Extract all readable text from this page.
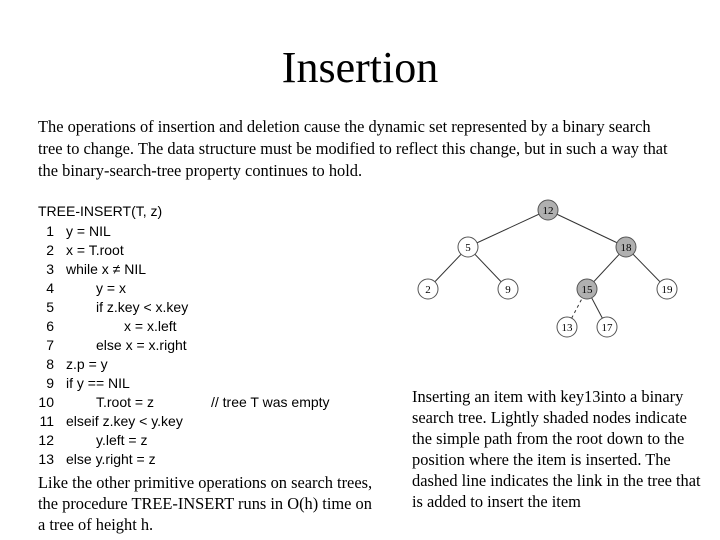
Insertion
The operations of insertion and deletion cause the dynamic set represented by a binary search tree to change. The data structure must be modified to reflect this change, but in such a way that the binary-search-tree property continues to hold.
TREE-INSERT(T, z)
1 y = NIL
2 x = T.root
3 while x ≠ NIL
4	y = x
5	if z.key < x.key
6	x = x.left
7	else x = x.right
8 z.p = y
9 if y == NIL
10	T.root = z	// tree T was empty
11 elseif z.key < y.key
12	y.left = z
13 else y.right = z
12
5	18
2	9	15	19
13	17
Inserting an item with key13into a binary search tree. Lightly shaded nodes indicate the simple path from the root down to the position where the item is inserted. The dashed line indicates the link in the tree that is added to insert the item
Like the other primitive operations on search trees, the procedure TREE-INSERT runs in O(h) time on a tree of height h.
